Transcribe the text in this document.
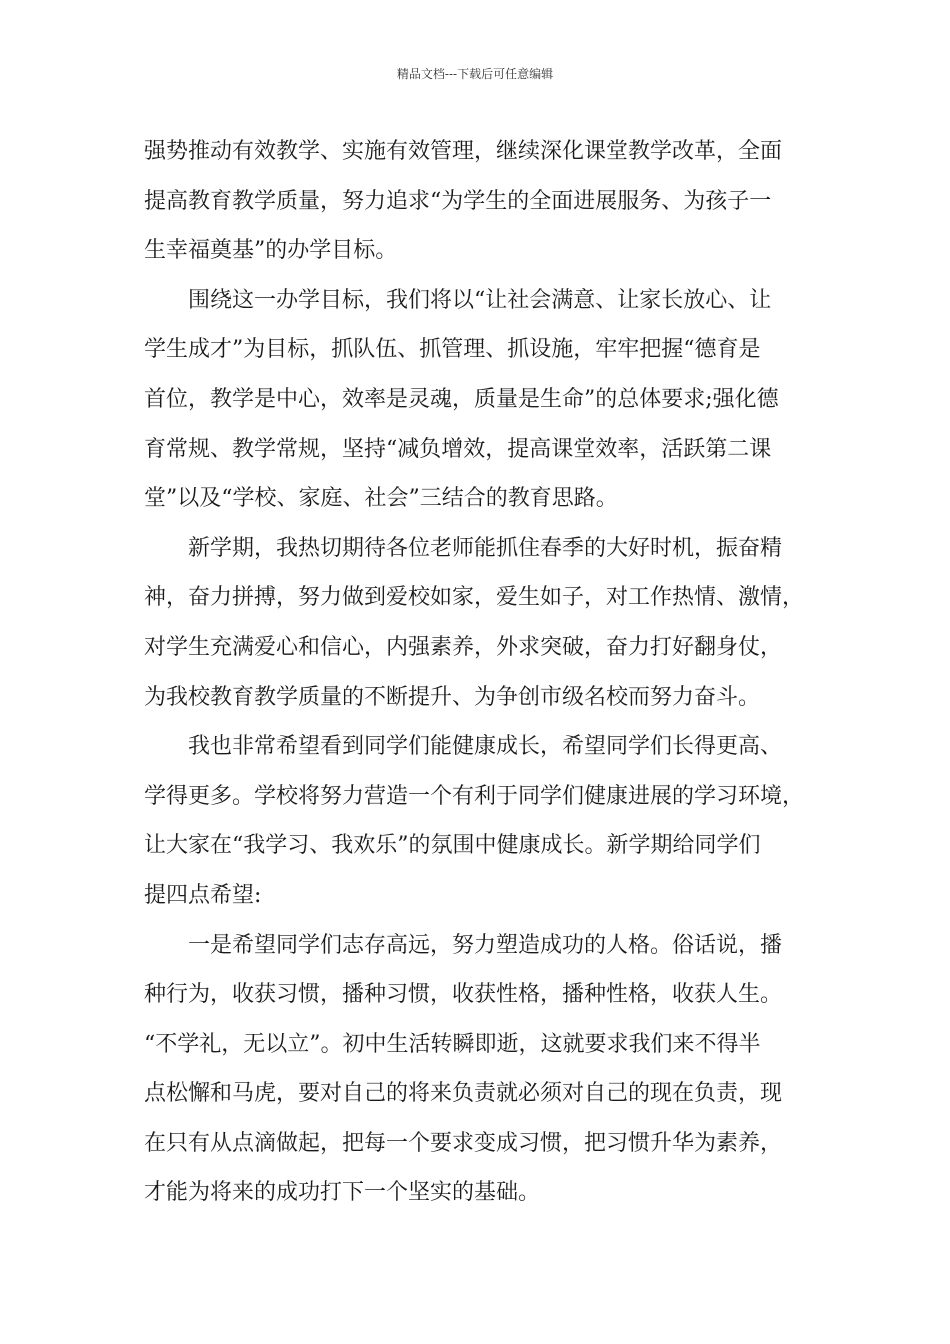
精品文档---下载后可任意编辑
强势推动有效教学、实施有效管理，继续深化课堂教学改革，全面
提高教育教学质量，努力追求“为学生的全面进展服务、为孩子一
生幸福奠基”的办学目标。
围绕这一办学目标，我们将以“让社会满意、让家长放心、让
学生成才”为目标，抓队伍、抓管理、抓设施，牢牢把握“德育是
首位，教学是中心，效率是灵魂，质量是生命”的总体要求;强化德
育常规、教学常规，坚持“减负增效，提高课堂效率，活跃第二课
堂”以及“学校、家庭、社会”三结合的教育思路。
新学期，我热切期待各位老师能抓住春季的大好时机，振奋精
神，奋力拼搏，努力做到爱校如家，爱生如子，对工作热情、激情，
对学生充满爱心和信心，内强素养，外求突破，奋力打好翻身仗，
为我校教育教学质量的不断提升、为争创市级名校而努力奋斗。
我也非常希望看到同学们能健康成长，希望同学们长得更高、
学得更多。学校将努力营造一个有利于同学们健康进展的学习环境，
让大家在“我学习、我欢乐”的氛围中健康成长。新学期给同学们
提四点希望:
一是希望同学们志存高远，努力塑造成功的人格。俗话说，播
种行为，收获习惯，播种习惯，收获性格，播种性格，收获人生。
“不学礼，无以立”。初中生活转瞬即逝，这就要求我们来不得半
点松懈和马虎，要对自己的将来负责就必须对自己的现在负责，现
在只有从点滴做起，把每一个要求变成习惯，把习惯升华为素养，
才能为将来的成功打下一个坚实的基础。
